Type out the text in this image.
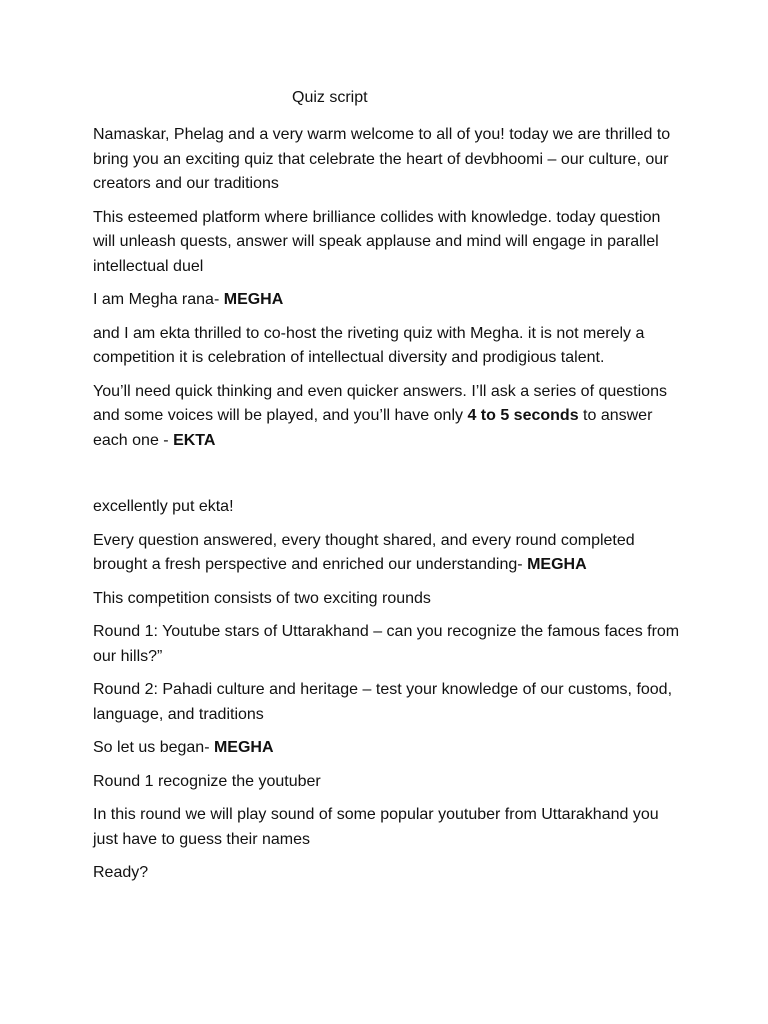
Quiz script

Namaskar, Phelag and a very warm welcome to all of you! today we are thrilled to bring you an exciting quiz that celebrate the heart of devbhoomi – our culture, our creators and our traditions

This esteemed platform where brilliance collides with knowledge. today question will unleash quests, answer will speak applause and mind will engage in parallel intellectual duel

I am Megha rana- MEGHA

and I am ekta thrilled to co-host the riveting quiz with Megha. it is not merely a competition it is celebration of intellectual diversity and prodigious talent.

You’ll need quick thinking and even quicker answers. I’ll ask a series of questions and some voices will be played, and you’ll have only 4 to 5 seconds to answer each one - EKTA

excellently put ekta!

Every question answered, every thought shared, and every round completed brought a fresh perspective and enriched our understanding- MEGHA

This competition consists of two exciting rounds

Round 1: Youtube stars of Uttarakhand – can you recognize the famous faces from our hills?”

Round 2: Pahadi culture and heritage – test your knowledge of our customs, food, language, and traditions

So let us began- MEGHA

Round 1 recognize the youtuber

In this round we will play sound of some popular youtuber from Uttarakhand you just have to guess their names

Ready?
